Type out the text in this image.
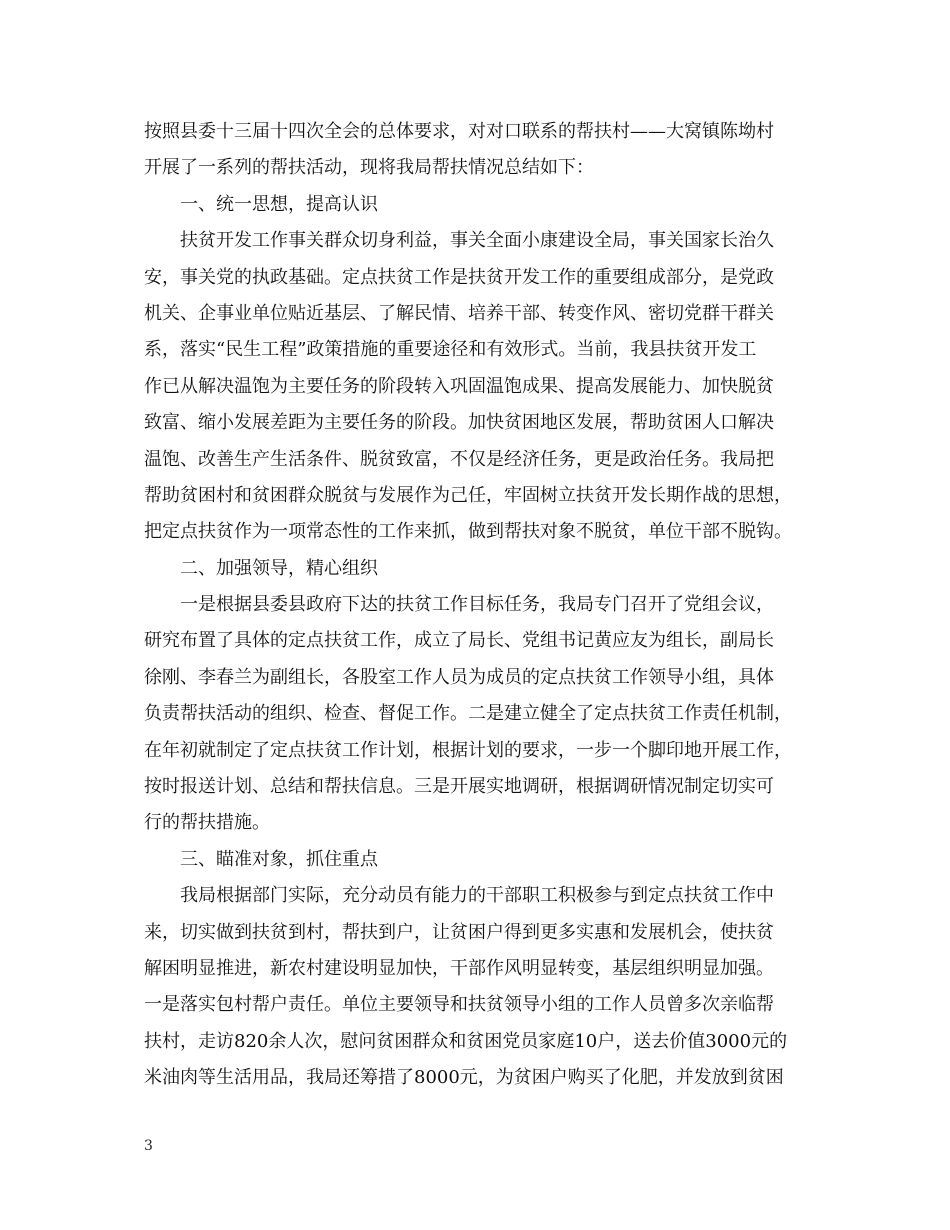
按照县委十三届十四次全会的总体要求，对对口联系的帮扶村——大窝镇陈坳村
开展了一系列的帮扶活动，现将我局帮扶情况总结如下：
一、统一思想，提高认识
扶贫开发工作事关群众切身利益，事关全面小康建设全局，事关国家长治久
安，事关党的执政基础。定点扶贫工作是扶贫开发工作的重要组成部分，是党政
机关、企事业单位贴近基层、了解民情、培养干部、转变作风、密切党群干群关
系，落实“民生工程”政策措施的重要途径和有效形式。当前，我县扶贫开发工
作已从解决温饱为主要任务的阶段转入巩固温饱成果、提高发展能力、加快脱贫
致富、缩小发展差距为主要任务的阶段。加快贫困地区发展，帮助贫困人口解决
温饱、改善生产生活条件、脱贫致富，不仅是经济任务，更是政治任务。我局把
帮助贫困村和贫困群众脱贫与发展作为己任，牢固树立扶贫开发长期作战的思想，
把定点扶贫作为一项常态性的工作来抓，做到帮扶对象不脱贫，单位干部不脱钩。
二、加强领导，精心组织
一是根据县委县政府下达的扶贫工作目标任务，我局专门召开了党组会议，
研究布置了具体的定点扶贫工作，成立了局长、党组书记黄应友为组长，副局长
徐刚、李春兰为副组长，各股室工作人员为成员的定点扶贫工作领导小组，具体
负责帮扶活动的组织、检查、督促工作。二是建立健全了定点扶贫工作责任机制，
在年初就制定了定点扶贫工作计划，根据计划的要求，一步一个脚印地开展工作，
按时报送计划、总结和帮扶信息。三是开展实地调研，根据调研情况制定切实可
行的帮扶措施。
三、瞄准对象，抓住重点
我局根据部门实际，充分动员有能力的干部职工积极参与到定点扶贫工作中
来，切实做到扶贫到村，帮扶到户，让贫困户得到更多实惠和发展机会，使扶贫
解困明显推进，新农村建设明显加快，干部作风明显转变，基层组织明显加强。
一是落实包村帮户责任。单位主要领导和扶贫领导小组的工作人员曾多次亲临帮
扶村，走访820余人次，慰问贫困群众和贫困党员家庭10户，送去价值3000元的
米油肉等生活用品，我局还筹措了8000元，为贫困户购买了化肥，并发放到贫困
3
